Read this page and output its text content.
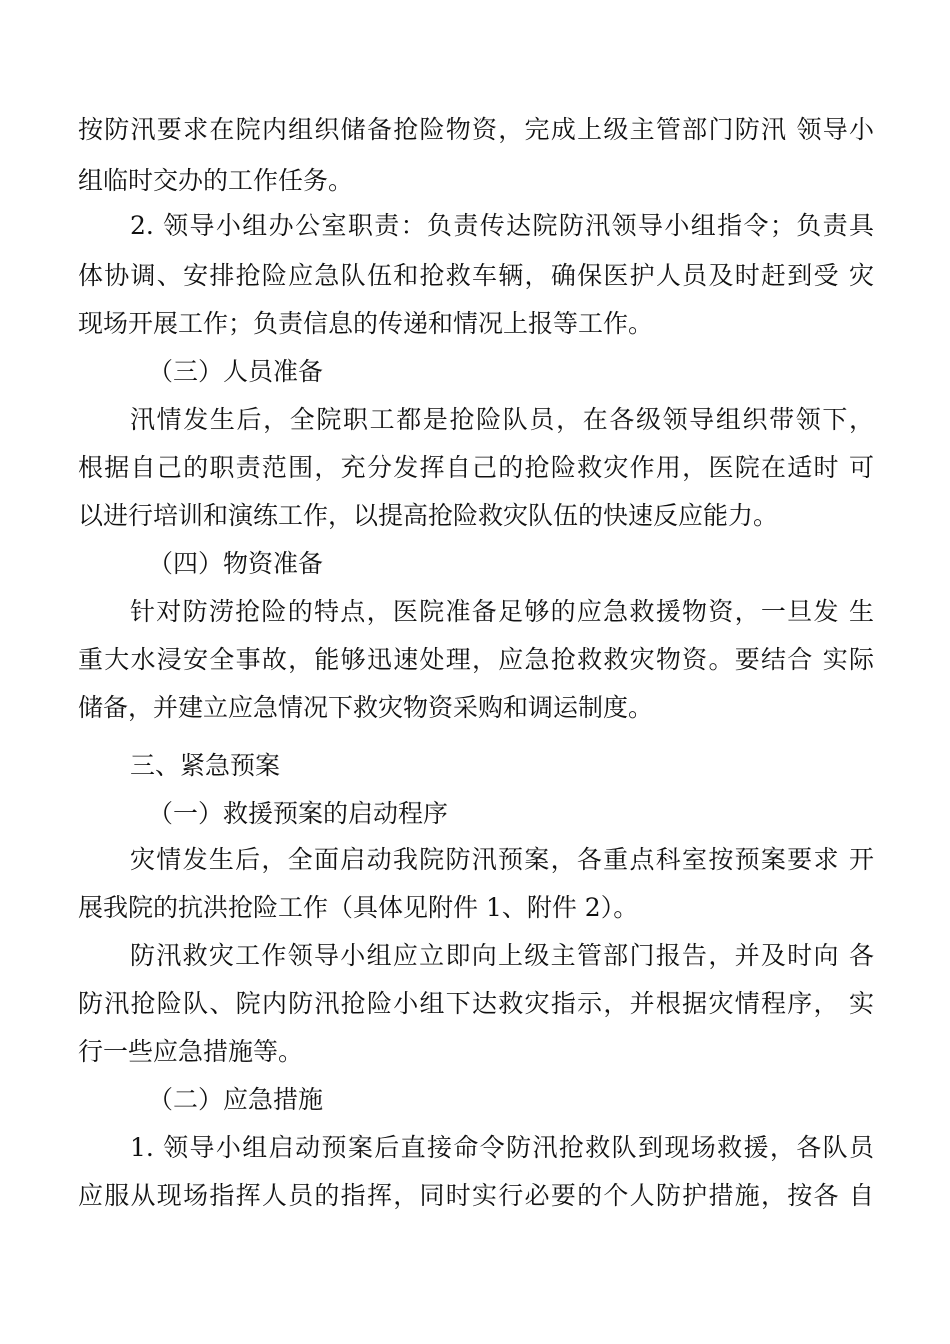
按防汛要求在院内组织储备抢险物资，完成上级主管部门防汛 领导小
组临时交办的工作任务。
2. 领导小组办公室职责：负责传达院防汛领导小组指令；负责具
体协调、安排抢险应急队伍和抢救车辆，确保医护人员及时赶到受 灾
现场开展工作；负责信息的传递和情况上报等工作。
（三）人员准备
汛情发生后，全院职工都是抢险队员，在各级领导组织带领下，
根据自己的职责范围，充分发挥自己的抢险救灾作用，医院在适时 可
以进行培训和演练工作，以提高抢险救灾队伍的快速反应能力。
（四）物资准备
针对防涝抢险的特点，医院准备足够的应急救援物资，一旦发 生
重大水浸安全事故，能够迅速处理，应急抢救救灾物资。要结合 实际
储备，并建立应急情况下救灾物资采购和调运制度。
三、紧急预案
（一）救援预案的启动程序
灾情发生后，全面启动我院防汛预案，各重点科室按预案要求 开
展我院的抗洪抢险工作（具体见附件 1、附件 2）。
防汛救灾工作领导小组应立即向上级主管部门报告，并及时向 各
防汛抢险队、院内防汛抢险小组下达救灾指示，并根据灾情程序， 实
行一些应急措施等。
（二）应急措施
1. 领导小组启动预案后直接命令防汛抢救队到现场救援，各队员
应服从现场指挥人员的指挥，同时实行必要的个人防护措施，按各 自
